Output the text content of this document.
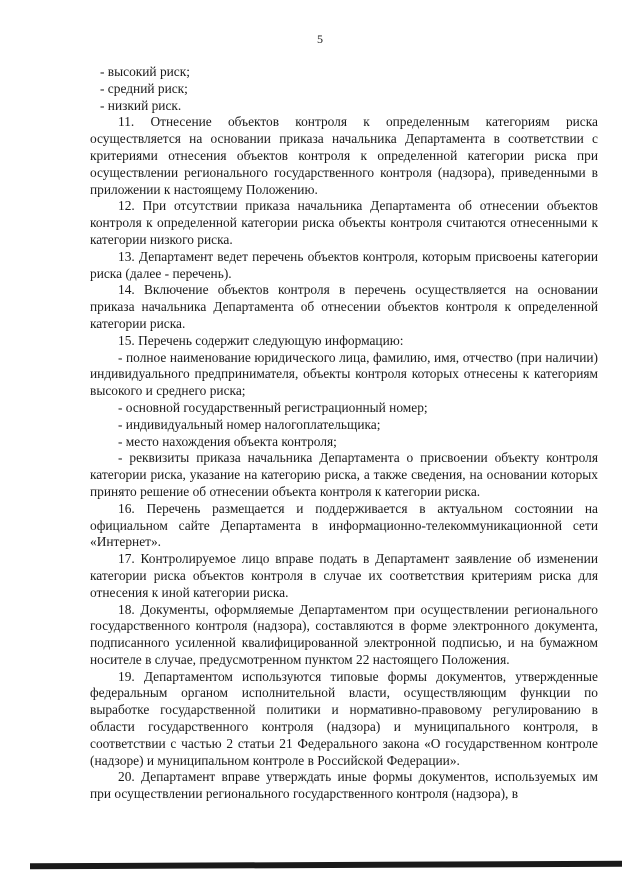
5

- высокий риск;

- средний риск;

- низкий риск.

11. Отнесение объектов контроля к определенным категориям риска осуществляется на основании приказа начальника Департамента в соответствии с критериями отнесения объектов контроля к определенной категории риска при осуществлении регионального государственного контроля (надзора), приведенными в приложении к настоящему Положению.

12. При отсутствии приказа начальника Департамента об отнесении объектов контроля к определенной категории риска объекты контроля считаются отнесенными к категории низкого риска.

13. Департамент ведет перечень объектов контроля, которым присвоены категории риска (далее - перечень).

14. Включение объектов контроля в перечень осуществляется на основании приказа начальника Департамента об отнесении объектов контроля к определенной категории риска.

15. Перечень содержит следующую информацию:

- полное наименование юридического лица, фамилию, имя, отчество (при наличии) индивидуального предпринимателя, объекты контроля которых отнесены к категориям высокого и среднего риска;

- основной государственный регистрационный номер;

- индивидуальный номер налогоплательщика;

- место нахождения объекта контроля;

- реквизиты приказа начальника Департамента о присвоении объекту контроля категории риска, указание на категорию риска, а также сведения, на основании которых принято решение об отнесении объекта контроля к категории риска.

16. Перечень размещается и поддерживается в актуальном состоянии на официальном сайте Департамента в информационно-телекоммуникационной сети «Интернет».

17. Контролируемое лицо вправе подать в Департамент заявление об изменении категории риска объектов контроля в случае их соответствия критериям риска для отнесения к иной категории риска.

18. Документы, оформляемые Департаментом при осуществлении регионального государственного контроля (надзора), составляются в форме электронного документа, подписанного усиленной квалифицированной электронной подписью, и на бумажном носителе в случае, предусмотренном пунктом 22 настоящего Положения.

19. Департаментом используются типовые формы документов, утвержденные федеральным органом исполнительной власти, осуществляющим функции по выработке государственной политики и нормативно-правовому регулированию в области государственного контроля (надзора) и муниципального контроля, в соответствии с частью 2 статьи 21 Федерального закона «О государственном контроле (надзоре) и муниципальном контроле в Российской Федерации».

20. Департамент вправе утверждать иные формы документов, используемых им при осуществлении регионального государственного контроля (надзора), в
